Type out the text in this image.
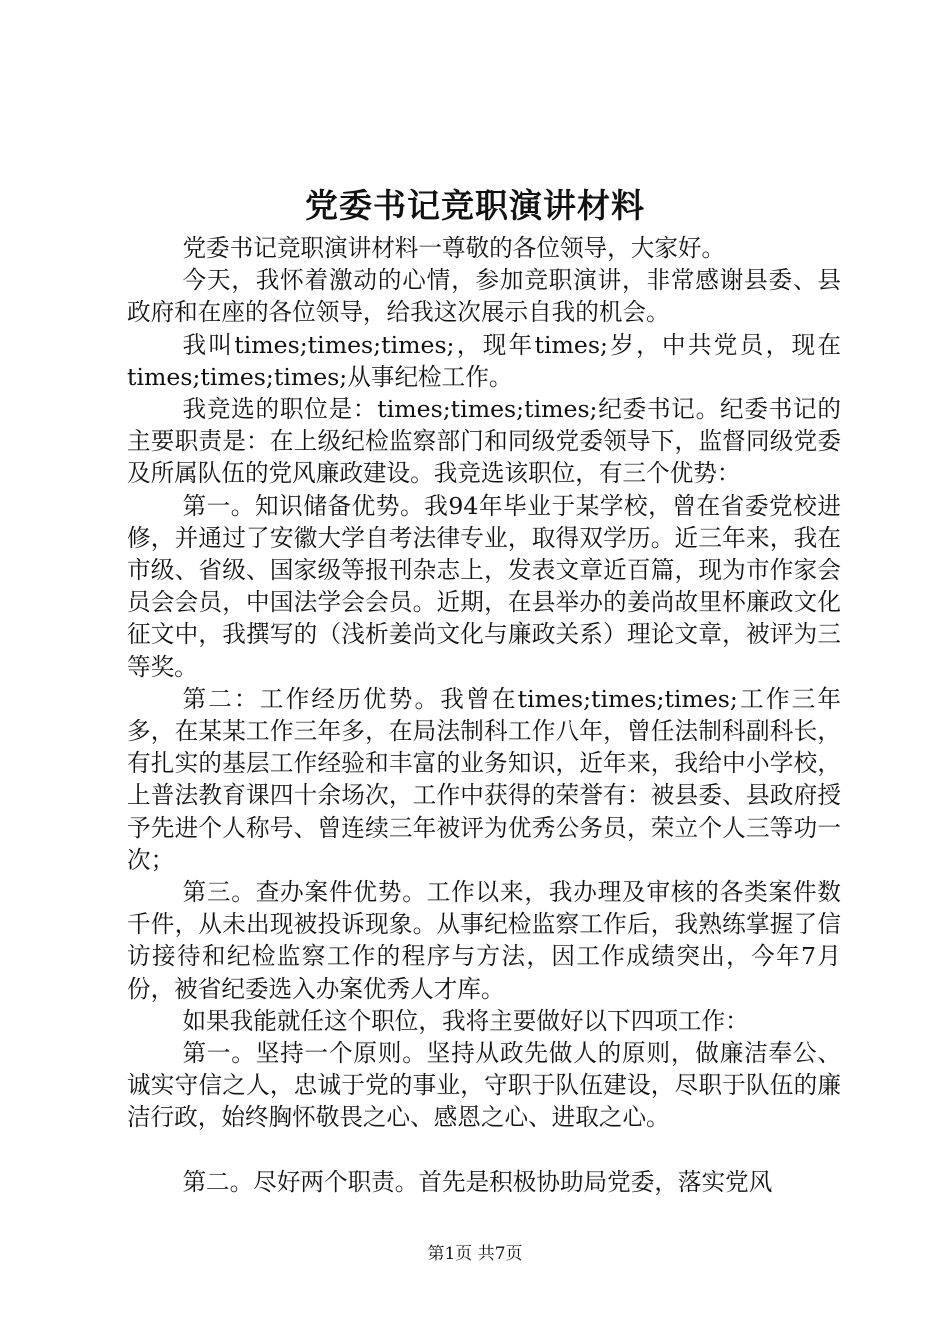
党委书记竞职演讲材料

党委书记竞职演讲材料一尊敬的各位领导，大家好。

今天，我怀着激动的心情，参加竞职演讲，非常感谢县委、县政府和在座的各位领导，给我这次展示自我的机会。

我叫times;times;times;，现年times;岁，中共党员，现在times;times;times;从事纪检工作。

我竞选的职位是：times;times;times;纪委书记。纪委书记的主要职责是：在上级纪检监察部门和同级党委领导下，监督同级党委及所属队伍的党风廉政建设。我竞选该职位，有三个优势：

第一。知识储备优势。我94年毕业于某学校，曾在省委党校进修，并通过了安徽大学自考法律专业，取得双学历。近三年来，我在市级、省级、国家级等报刊杂志上，发表文章近百篇，现为市作家会员会会员，中国法学会会员。近期，在县举办的姜尚故里杯廉政文化征文中，我撰写的（浅析姜尚文化与廉政关系）理论文章，被评为三等奖。

第二：工作经历优势。我曾在times;times;times;工作三年多，在某某工作三年多，在局法制科工作八年，曾任法制科副科长，有扎实的基层工作经验和丰富的业务知识，近年来，我给中小学校，上普法教育课四十余场次，工作中获得的荣誉有：被县委、县政府授予先进个人称号、曾连续三年被评为优秀公务员，荣立个人三等功一次；

第三。查办案件优势。工作以来，我办理及审核的各类案件数千件，从未出现被投诉现象。从事纪检监察工作后，我熟练掌握了信访接待和纪检监察工作的程序与方法，因工作成绩突出，今年7月份，被省纪委选入办案优秀人才库。

如果我能就任这个职位，我将主要做好以下四项工作：

第一。坚持一个原则。坚持从政先做人的原则，做廉洁奉公、诚实守信之人，忠诚于党的事业，守职于队伍建设，尽职于队伍的廉洁行政，始终胸怀敬畏之心、感恩之心、进取之心。

第二。尽好两个职责。首先是积极协助局党委，落实党风

第1页 共7页
